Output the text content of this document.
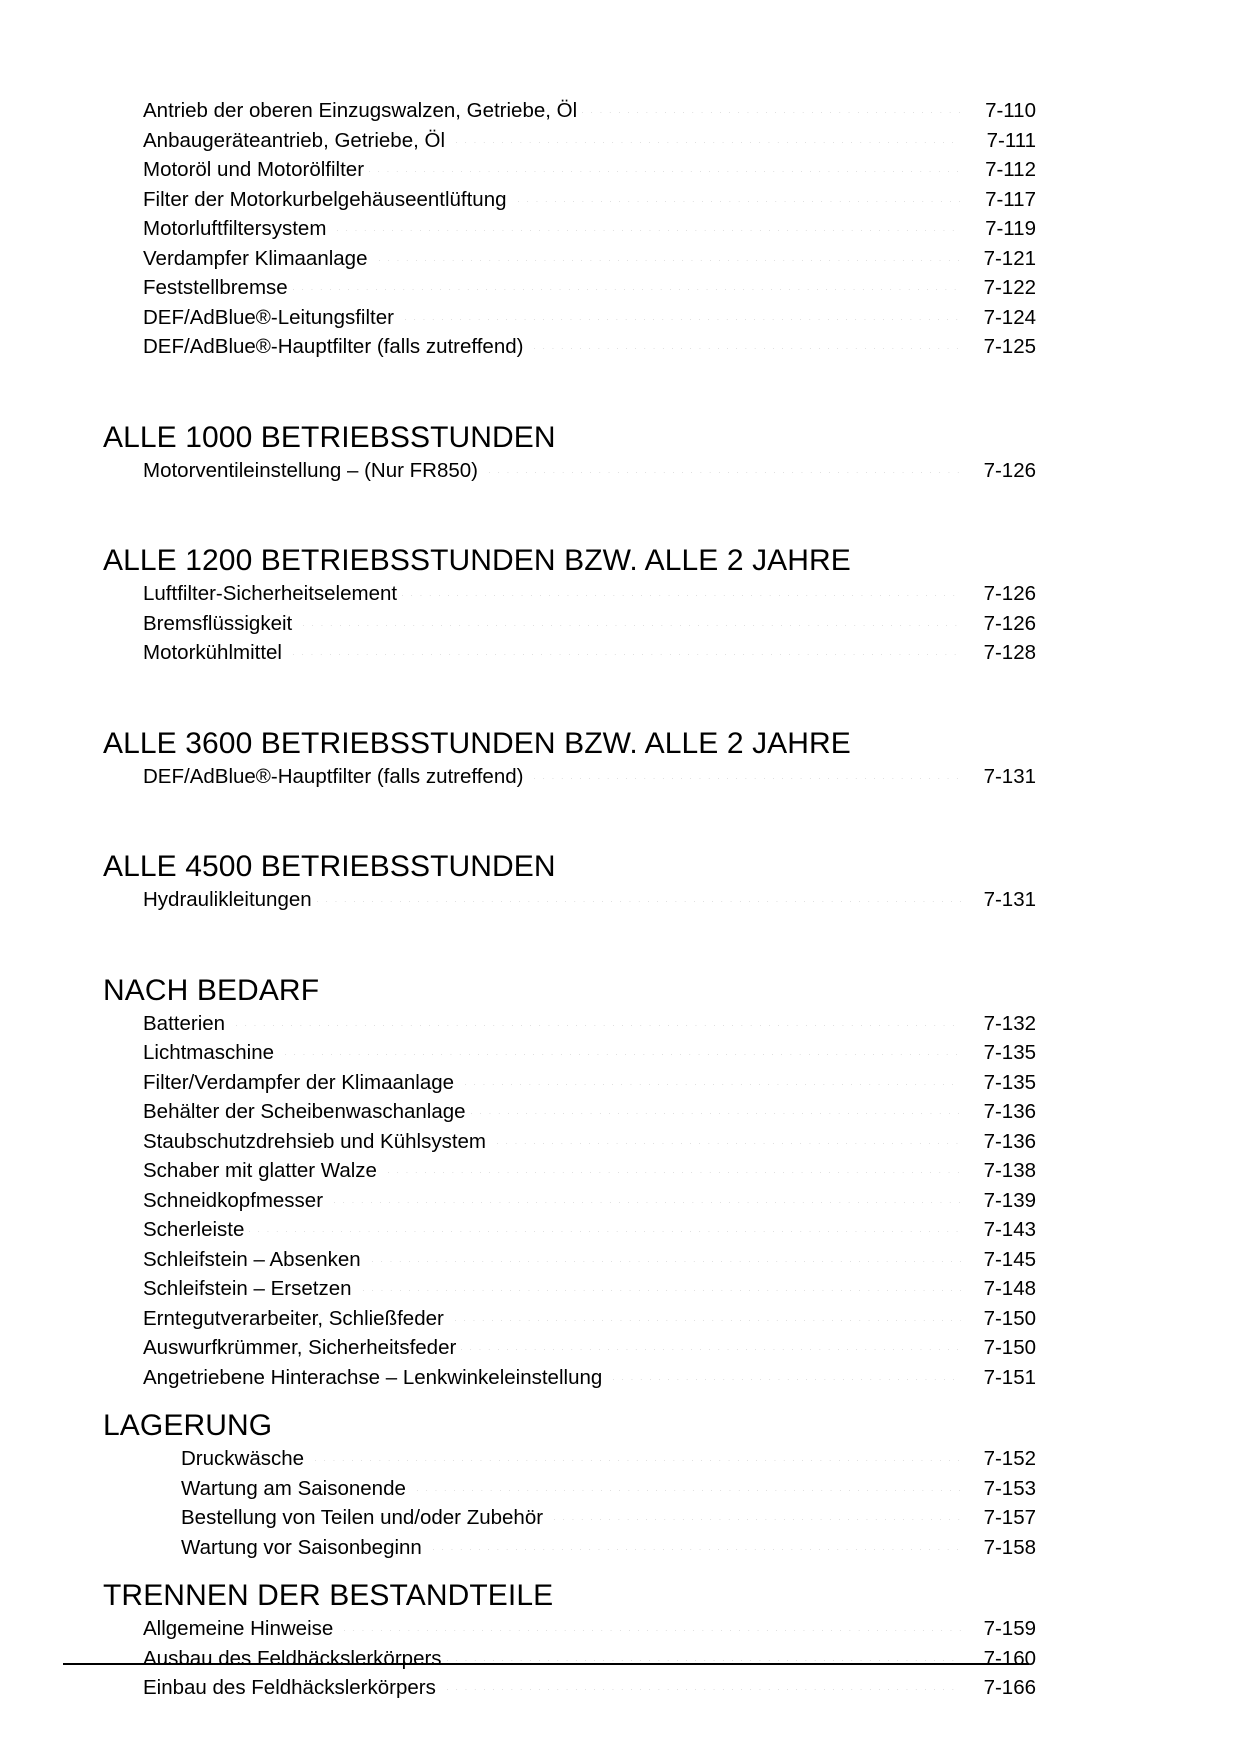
Antrieb der oberen Einzugswalzen, Getriebe, Öl	7-110
Anbaugeräteantrieb, Getriebe, Öl	7-111
Motoröl und Motorölfilter	7-112
Filter der Motorkurbelgehäuseentlüftung	7-117
Motorluftfiltersystem	7-119
Verdampfer Klimaanlage	7-121
Feststellbremse	7-122
DEF/AdBlue®-Leitungsfilter	7-124
DEF/AdBlue®-Hauptfilter (falls zutreffend)	7-125
ALLE 1000 BETRIEBSSTUNDEN
Motorventileinstellung – (Nur FR850)	7-126
ALLE 1200 BETRIEBSSTUNDEN BZW. ALLE 2 JAHRE
Luftfilter-Sicherheitselement	7-126
Bremsflüssigkeit	7-126
Motorkühlmittel	7-128
ALLE 3600 BETRIEBSSTUNDEN BZW. ALLE 2 JAHRE
DEF/AdBlue®-Hauptfilter (falls zutreffend)	7-131
ALLE 4500 BETRIEBSSTUNDEN
Hydraulikleitungen	7-131
NACH BEDARF
Batterien	7-132
Lichtmaschine	7-135
Filter/Verdampfer der Klimaanlage	7-135
Behälter der Scheibenwaschanlage	7-136
Staubschutzdrehsieb und Kühlsystem	7-136
Schaber mit glatter Walze	7-138
Schneidkopfmesser	7-139
Scherleiste	7-143
Schleifstein – Absenken	7-145
Schleifstein – Ersetzen	7-148
Erntegutverarbeiter, Schließfeder	7-150
Auswurfkrümmer, Sicherheitsfeder	7-150
Angetriebene Hinterachse – Lenkwinkeleinstellung	7-151
LAGERUNG
Druckwäsche	7-152
Wartung am Saisonende	7-153
Bestellung von Teilen und/oder Zubehör	7-157
Wartung vor Saisonbeginn	7-158
TRENNEN DER BESTANDTEILE
Allgemeine Hinweise	7-159
Ausbau des Feldhäckslerkörpers	7-160
Einbau des Feldhäckslerkörpers	7-166
